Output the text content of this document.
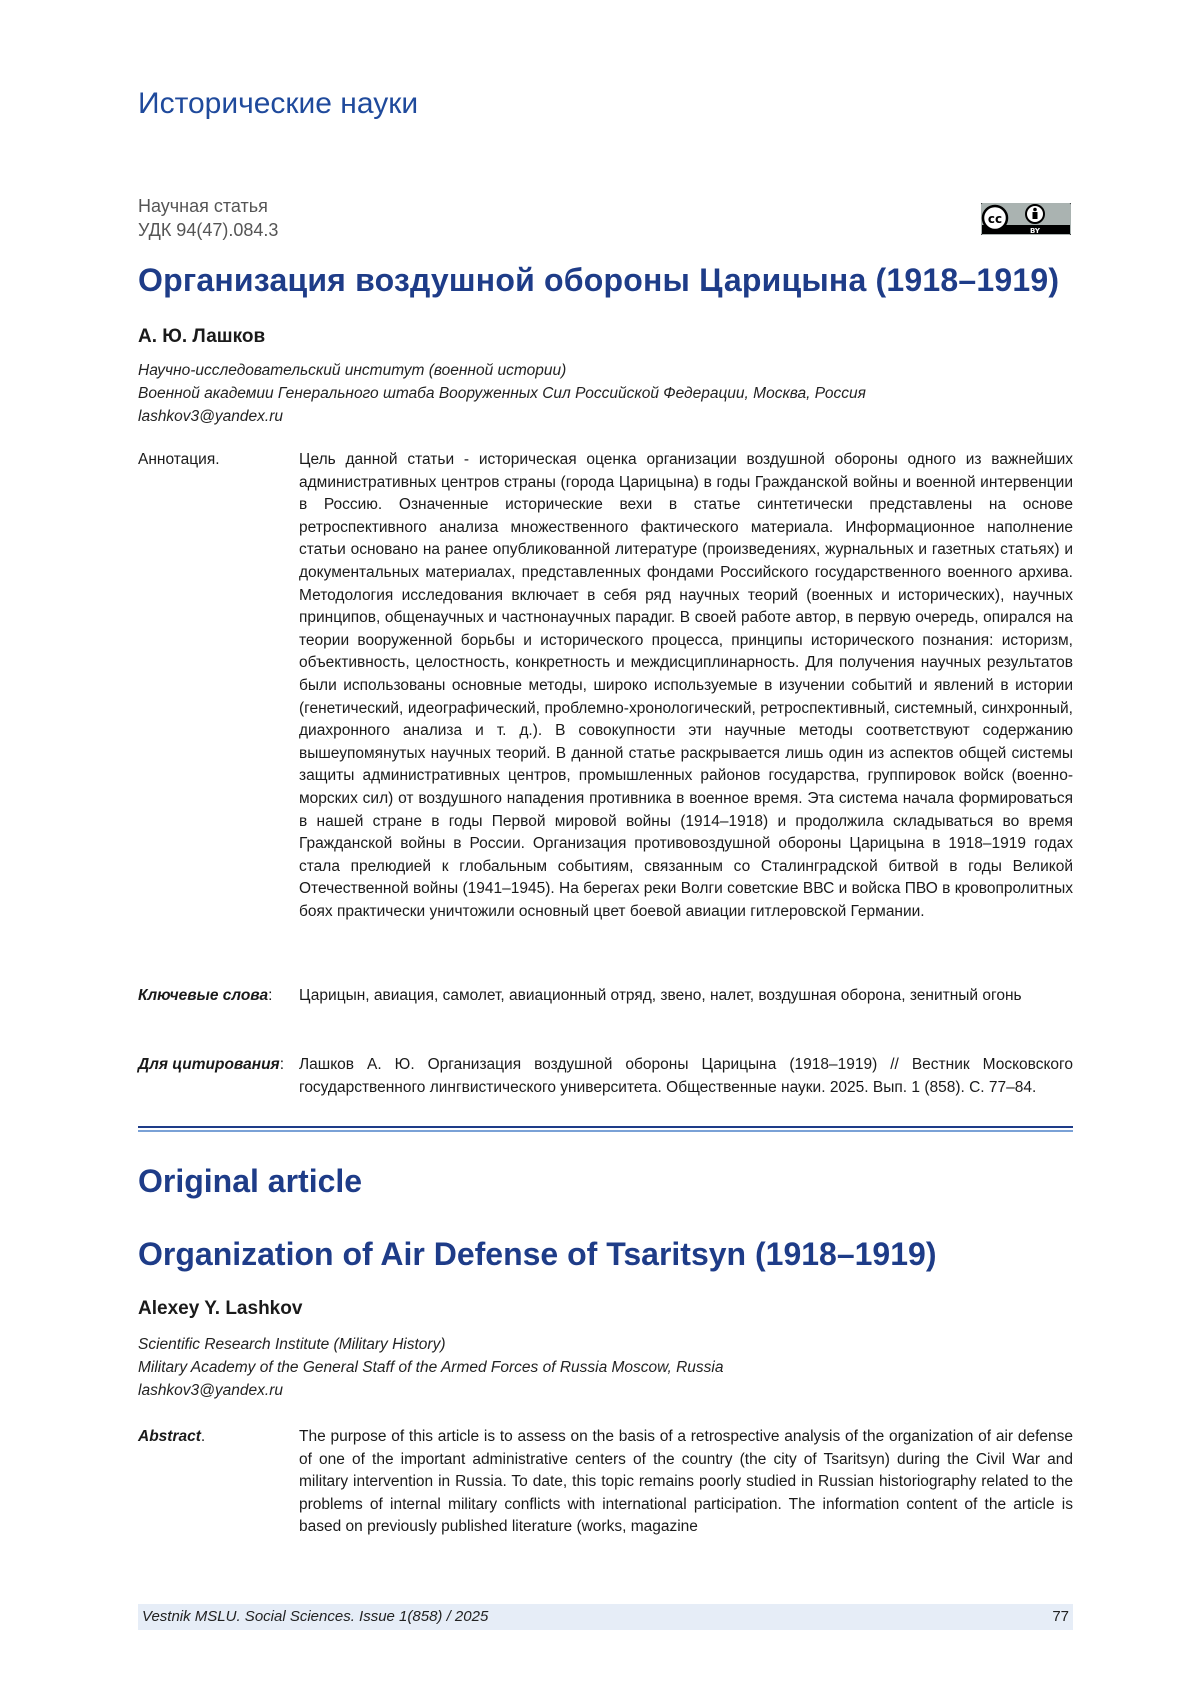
Исторические науки
Научная статья
УДК 94(47).084.3
cc
BY
Организация воздушной обороны Царицына (1918–1919)
А. Ю. Лашков
Научно-исследовательский институт (военной истории)
Военной академии Генерального штаба Вооруженных Сил Российской Федерации, Москва, Россия
lashkov3@yandex.ru
Аннотация.	Цель данной статьи - историческая оценка организации воздушной обороны одного из важнейших административных центров страны (города Царицына) в годы Гражданской войны и военной интервенции в Россию. Означенные исторические вехи в статье синтетически представлены на основе ретроспективного анализа множественного фактического материала. Информационное наполнение статьи основано на ранее опубликованной литературе (произведениях, журнальных и газетных статьях) и документальных материалах, представленных фондами Российского государственного военного архива. Методология исследования включает в себя ряд научных теорий (военных и исторических), научных принципов, общенаучных и частнонаучных парадиг. В своей работе автор, в первую очередь, опирался на теории вооруженной борьбы и исторического процесса, принципы исторического познания: историзм, объективность, целостность, конкретность и междисциплинарность. Для получения научных результатов были использованы основные методы, широко используемые в изучении событий и явлений в истории (генетический, идеографический, проблемно-хронологический, ретроспективный, системный, синхронный, диахронного анализа и т. д.). В совокупности эти научные методы соответствуют содержанию вышеупомянутых научных теорий. В данной статье раскрывается лишь один из аспектов общей системы защиты административных центров, промышленных районов государства, группировок войск (военно-морских сил) от воздушного нападения противника в военное время. Эта система начала формироваться в нашей стране в годы Первой мировой войны (1914–1918) и продолжила складываться во время Гражданской войны в России. Организация противовоздушной обороны Царицына в 1918–1919 годах стала прелюдией к глобальным событиям, связанным со Сталинградской битвой в годы Великой Отечественной войны (1941–1945). На берегах реки Волги советские ВВС и войска ПВО в кровопролитных боях практически уничтожили основный цвет боевой авиации гитлеровской Германии.
Ключевые слова: Царицын, авиация, самолет, авиационный отряд, звено, налет, воздушная оборона, зенитный огонь
Для цитирования: Лашков А. Ю. Организация воздушной обороны Царицына (1918–1919) // Вестник Московского государственного лингвистического университета. Общественные науки. 2025. Вып. 1 (858). С. 77–84.
Original article
Organization of Air Defense of Tsaritsyn (1918–1919)
Alexey Y. Lashkov
Scientific Research Institute (Military History)
Military Academy of the General Staff of the Armed Forces of Russia Moscow, Russia
lashkov3@yandex.ru
Abstract.	The purpose of this article is to assess on the basis of a retrospective analysis of the organization of air defense of one of the important administrative centers of the country (the city of Tsaritsyn) during the Civil War and military intervention in Russia. To date, this topic remains poorly studied in Russian historiography related to the problems of internal military conflicts with international participation. The information content of the article is based on previously published literature (works, magazine
Vestnik MSLU. Social Sciences. Issue 1(858) / 2025	77
